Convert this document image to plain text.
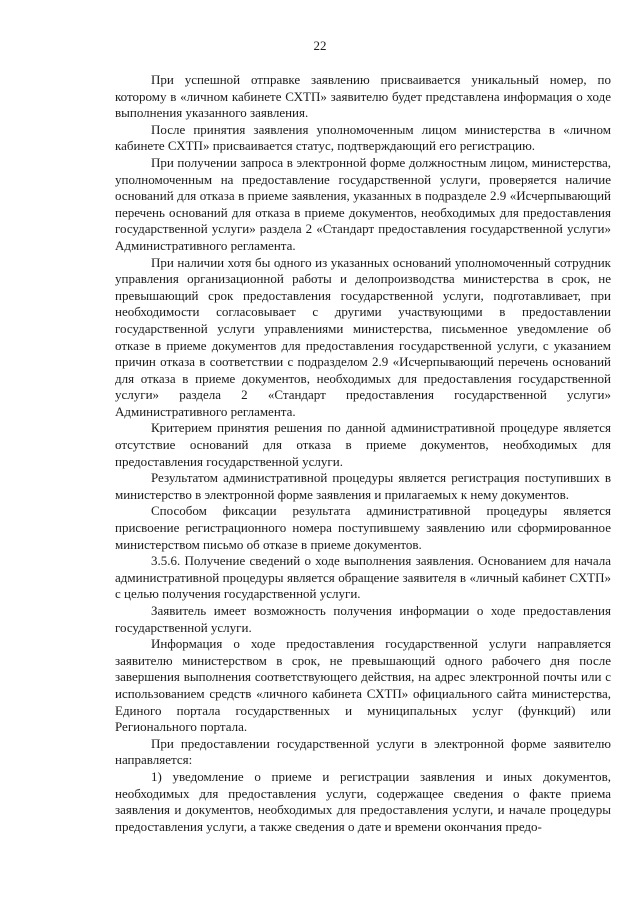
22

При успешной отправке заявлению присваивается уникальный номер, по которому в «личном кабинете СХТП» заявителю будет представлена информация о ходе выполнения указанного заявления.

После принятия заявления уполномоченным лицом министерства в «личном кабинете СХТП» присваивается статус, подтверждающий его регистрацию.

При получении запроса в электронной форме должностным лицом, министерства, уполномоченным на предоставление государственной услуги, проверяется наличие оснований для отказа в приеме заявления, указанных в подразделе 2.9 «Исчерпывающий перечень оснований для отказа в приеме документов, необходимых для предоставления государственной услуги» раздела 2 «Стандарт предоставления государственной услуги» Административного регламента.

При наличии хотя бы одного из указанных оснований уполномоченный сотрудник управления организационной работы и делопроизводства министерства в срок, не превышающий срок предоставления государственной услуги, подготавливает, при необходимости согласовывает с другими участвующими в предоставлении государственной услуги управлениями министерства, письменное уведомление об отказе в приеме документов для предоставления государственной услуги, с указанием причин отказа в соответствии с подразделом 2.9 «Исчерпывающий перечень оснований для отказа в приеме документов, необходимых для предоставления государственной услуги» раздела 2 «Стандарт предоставления государственной услуги» Административного регламента.

Критерием принятия решения по данной административной процедуре является отсутствие оснований для отказа в приеме документов, необходимых для предоставления государственной услуги.

Результатом административной процедуры является регистрация поступивших в министерство в электронной форме заявления и прилагаемых к нему документов.

Способом фиксации результата административной процедуры является присвоение регистрационного номера поступившему заявлению или сформированное министерством письмо об отказе в приеме документов.

3.5.6. Получение сведений о ходе выполнения заявления. Основанием для начала административной процедуры является обращение заявителя в «личный кабинет СХТП» с целью получения государственной услуги.

Заявитель имеет возможность получения информации о ходе предоставления государственной услуги.

Информация о ходе предоставления государственной услуги направляется заявителю министерством в срок, не превышающий одного рабочего дня после завершения выполнения соответствующего действия, на адрес электронной почты или с использованием средств «личного кабинета СХТП» официального сайта министерства, Единого портала государственных и муниципальных услуг (функций) или Регионального портала.

При предоставлении государственной услуги в электронной форме заявителю направляется:

1) уведомление о приеме и регистрации заявления и иных документов, необходимых для предоставления услуги, содержащее сведения о факте приема заявления и документов, необходимых для предоставления услуги, и начале процедуры предоставления услуги, а также сведения о дате и времени окончания предо-
